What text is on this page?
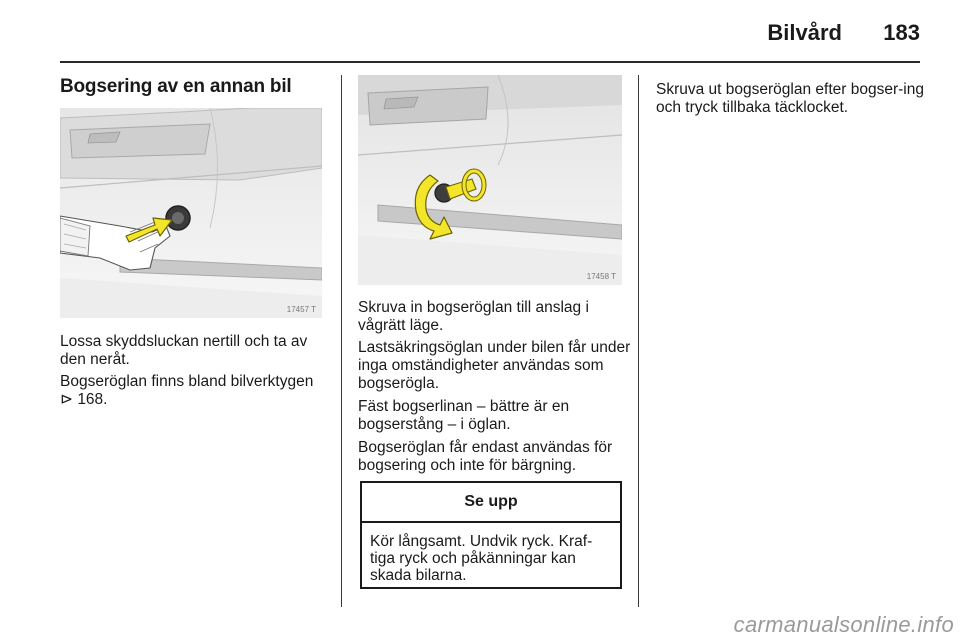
Bilvård 183
Bogsering av en annan bil
17457 T

Lossa skyddsluckan nertill och ta av den neråt.

Bogseröglan finns bland bilverktygen
⊳ 168.

17458 T

Skruva in bogseröglan till anslag i vågrätt läge.

Lastsäkringsöglan under bilen får under inga omständigheter användas som bogserögla.

Fäst bogserlinan – bättre är en bogserstång – i öglan.

Bogseröglan får endast användas för bogsering och inte för bärgning.

Se upp
Kör långsamt. Undvik ryck. Kraf-tiga ryck och påkänningar kan skada bilarna.

Skruva ut bogseröglan efter bogser-ing och tryck tillbaka täcklocket.

carmanualsonline.info
